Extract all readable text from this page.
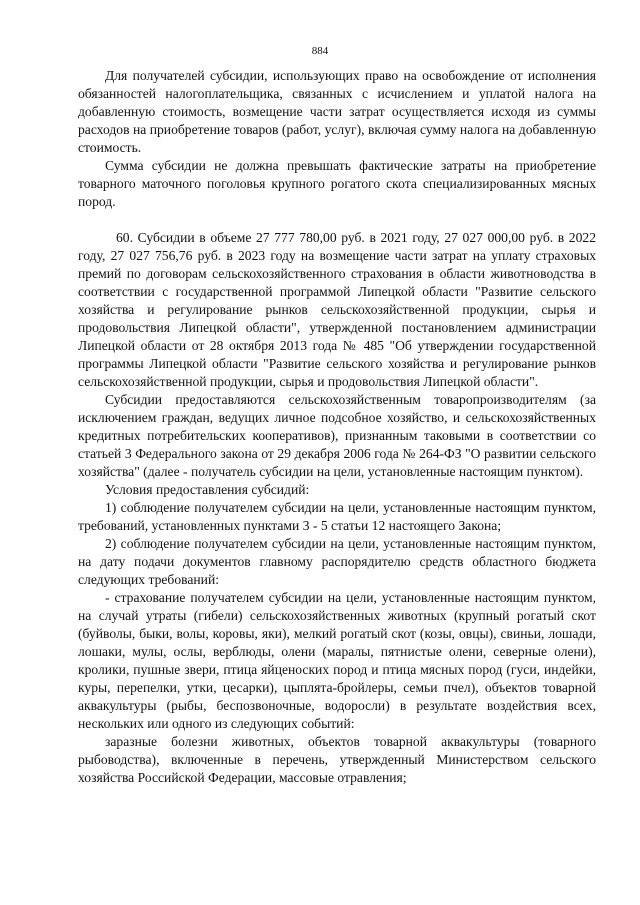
884

Для получателей субсидии, использующих право на освобождение от исполнения обязанностей налогоплательщика, связанных с исчислением и уплатой налога на добавленную стоимость, возмещение части затрат осуществляется исходя из суммы расходов на приобретение товаров (работ, услуг), включая сумму налога на добавленную стоимость.

Сумма субсидии не должна превышать фактические затраты на приобретение товарного маточного поголовья крупного рогатого скота специализированных мясных пород.

60. Субсидии в объеме 27 777 780,00 руб. в 2021 году, 27 027 000,00 руб. в 2022 году, 27 027 756,76 руб. в 2023 году на возмещение части затрат на уплату страховых премий по договорам сельскохозяйственного страхования в области животноводства в соответствии с государственной программой Липецкой области "Развитие сельского хозяйства и регулирование рынков сельскохозяйственной продукции, сырья и продовольствия Липецкой области", утвержденной постановлением администрации Липецкой области от 28 октября 2013 года № 485 "Об утверждении государственной программы Липецкой области "Развитие сельского хозяйства и регулирование рынков сельскохозяйственной продукции, сырья и продовольствия Липецкой области".

Субсидии предоставляются сельскохозяйственным товаропроизводителям (за исключением граждан, ведущих личное подсобное хозяйство, и сельскохозяйственных кредитных потребительских кооперативов), признанным таковыми в соответствии со статьей 3 Федерального закона от 29 декабря 2006 года № 264-ФЗ "О развитии сельского хозяйства" (далее - получатель субсидии на цели, установленные настоящим пунктом).

Условия предоставления субсидий:

1) соблюдение получателем субсидии на цели, установленные настоящим пунктом, требований, установленных пунктами 3 - 5 статьи 12 настоящего Закона;

2) соблюдение получателем субсидии на цели, установленные настоящим пунктом, на дату подачи документов главному распорядителю средств областного бюджета следующих требований:

- страхование получателем субсидии на цели, установленные настоящим пунктом, на случай утраты (гибели) сельскохозяйственных животных (крупный рогатый скот (буйволы, быки, волы, коровы, яки), мелкий рогатый скот (козы, овцы), свиньи, лошади, лошаки, мулы, ослы, верблюды, олени (маралы, пятнистые олени, северные олени), кролики, пушные звери, птица яйценоских пород и птица мясных пород (гуси, индейки, куры, перепелки, утки, цесарки), цыплята-бройлеры, семьи пчел), объектов товарной аквакультуры (рыбы, беспозвоночные, водоросли) в результате воздействия всех, нескольких или одного из следующих событий:

заразные болезни животных, объектов товарной аквакультуры (товарного рыбоводства), включенные в перечень, утвержденный Министерством сельского хозяйства Российской Федерации, массовые отравления;
